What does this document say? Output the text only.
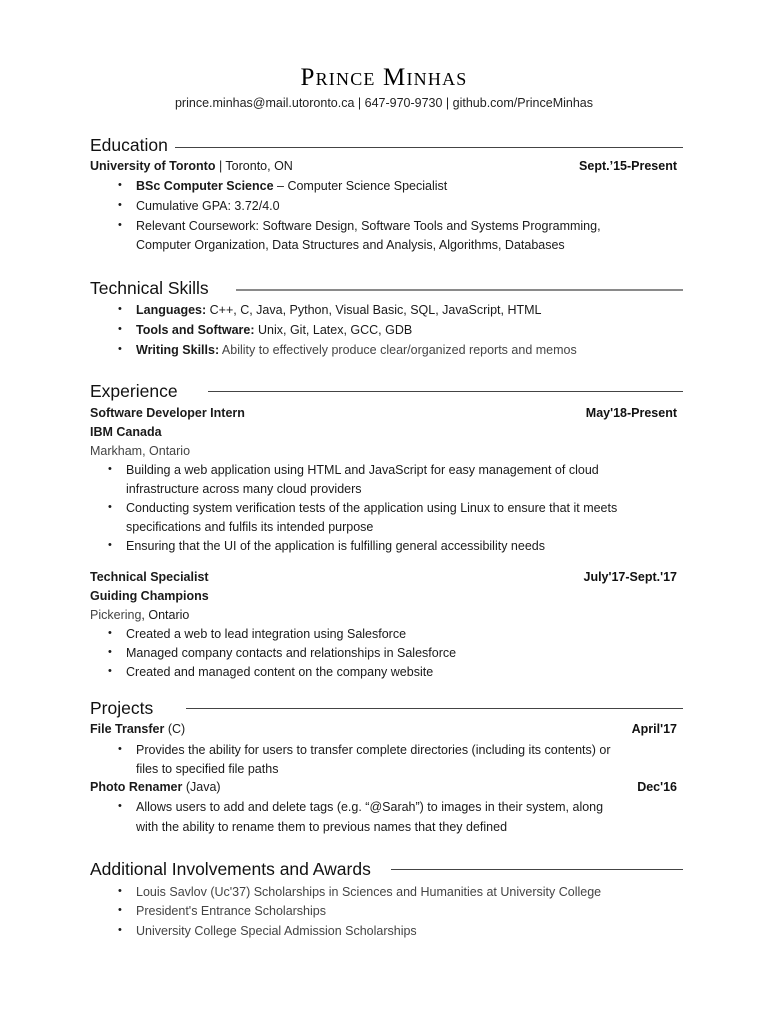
Prince Minhas
prince.minhas@mail.utoronto.ca | 647-970-9730 | github.com/PrinceMinhas
Education
University of Toronto | Toronto, ON	Sept.’15-Present
• BSc Computer Science – Computer Science Specialist
• Cumulative GPA: 3.72/4.0
• Relevant Coursework: Software Design, Software Tools and Systems Programming,
Computer Organization, Data Structures and Analysis, Algorithms, Databases
Technical Skills
• Languages: C++, C, Java, Python, Visual Basic, SQL, JavaScript, HTML
• Tools and Software: Unix, Git, Latex, GCC, GDB
• Writing Skills: Ability to effectively produce clear/organized reports and memos
Experience
Software Developer Intern	May'18-Present
IBM Canada
Markham, Ontario
• Building a web application using HTML and JavaScript for easy management of cloud
infrastructure across many cloud providers
• Conducting system verification tests of the application using Linux to ensure that it meets
specifications and fulfils its intended purpose
• Ensuring that the UI of the application is fulfilling general accessibility needs
Technical Specialist	July'17-Sept.'17
Guiding Champions
Pickering, Ontario
• Created a web to lead integration using Salesforce
• Managed company contacts and relationships in Salesforce
• Created and managed content on the company website
Projects
File Transfer (C)	April'17
• Provides the ability for users to transfer complete directories (including its contents) or
files to specified file paths
Photo Renamer (Java)	Dec'16
• Allows users to add and delete tags (e.g. “@Sarah”) to images in their system, along
with the ability to rename them to previous names that they defined
Additional Involvements and Awards
• Louis Savlov (Uc'37) Scholarships in Sciences and Humanities at University College
• President's Entrance Scholarships
• University College Special Admission Scholarships
